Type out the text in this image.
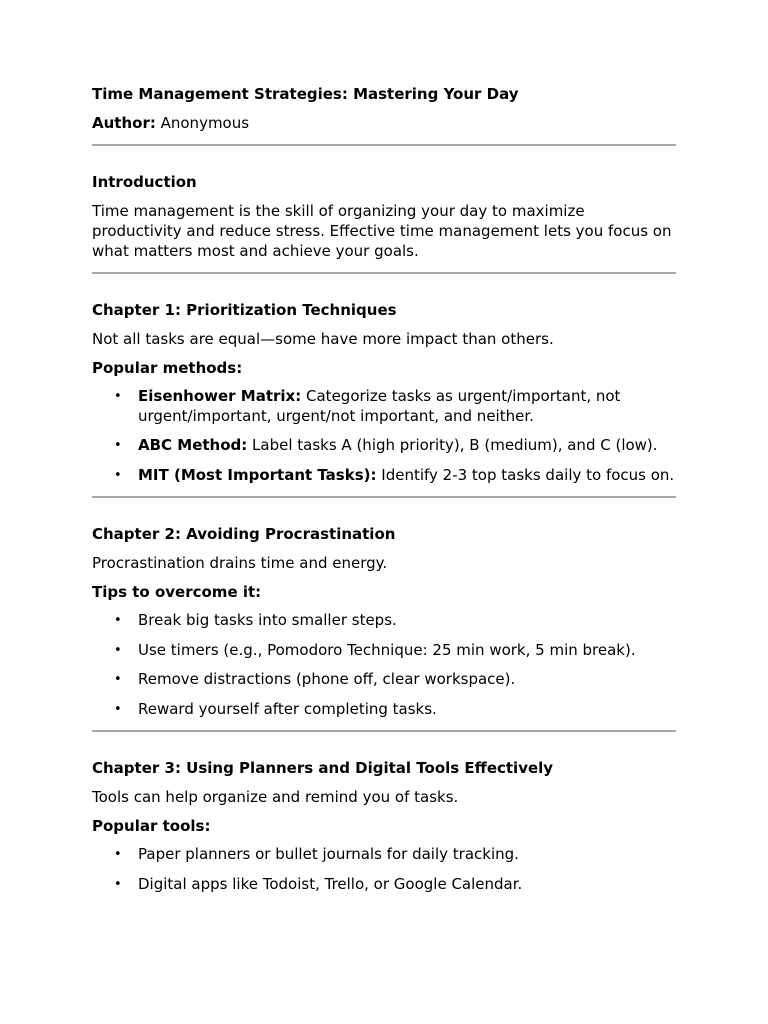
Time Management Strategies: Mastering Your Day

Author: Anonymous

Introduction

Time management is the skill of organizing your day to maximize productivity and reduce stress. Effective time management lets you focus on what matters most and achieve your goals.

Chapter 1: Prioritization Techniques

Not all tasks are equal—some have more impact than others.

Popular methods:

• Eisenhower Matrix: Categorize tasks as urgent/important, not urgent/important, urgent/not important, and neither.
• ABC Method: Label tasks A (high priority), B (medium), and C (low).
• MIT (Most Important Tasks): Identify 2-3 top tasks daily to focus on.

Chapter 2: Avoiding Procrastination

Procrastination drains time and energy.

Tips to overcome it:

• Break big tasks into smaller steps.
• Use timers (e.g., Pomodoro Technique: 25 min work, 5 min break).
• Remove distractions (phone off, clear workspace).
• Reward yourself after completing tasks.

Chapter 3: Using Planners and Digital Tools Effectively

Tools can help organize and remind you of tasks.

Popular tools:

• Paper planners or bullet journals for daily tracking.
• Digital apps like Todoist, Trello, or Google Calendar.
